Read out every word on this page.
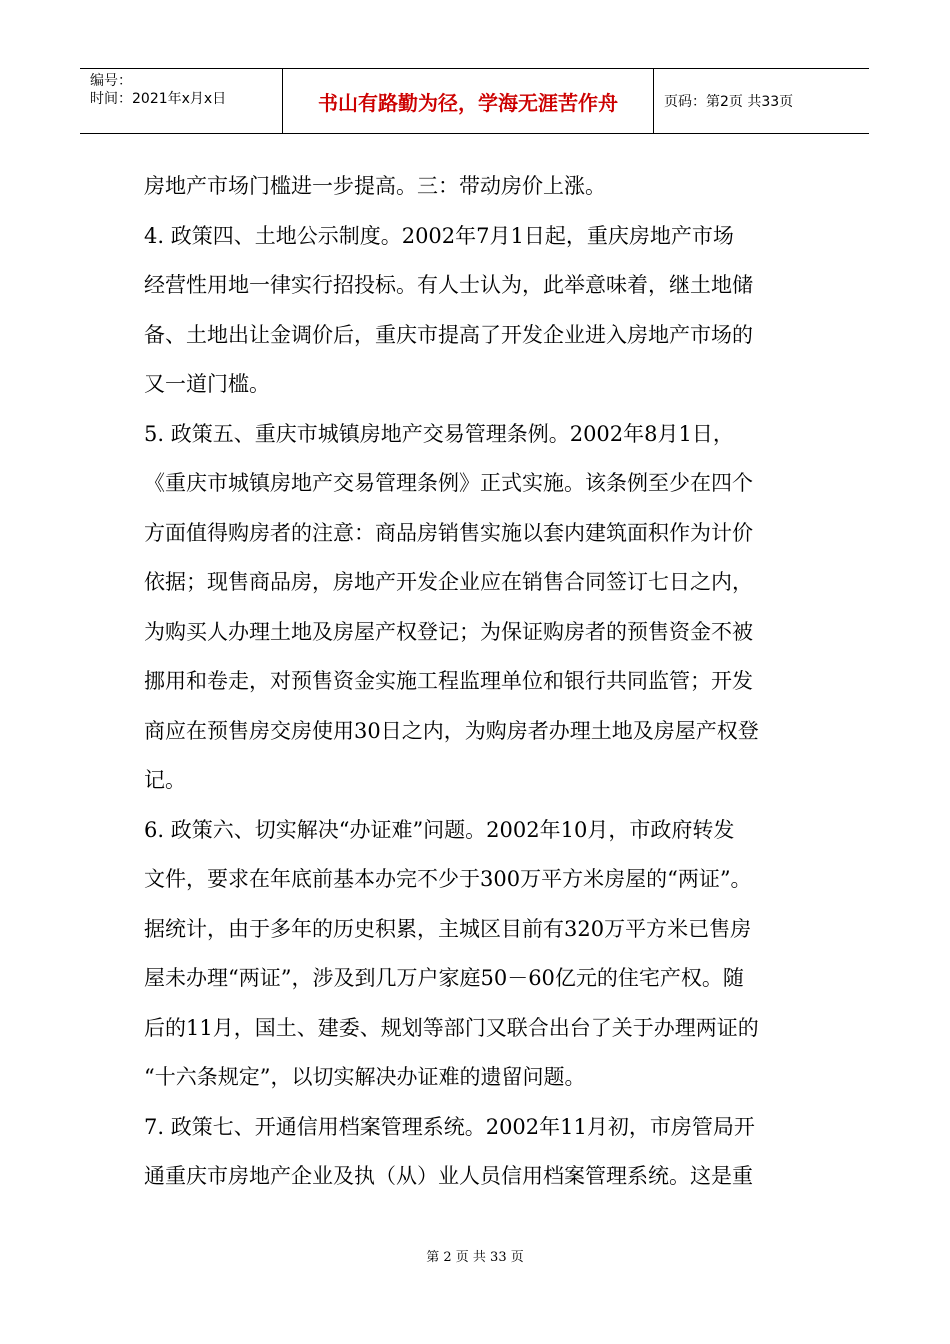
编号：
时间：2021年x月x日	书山有路勤为径，学海无涯苦作舟	页码：第2页 共33页
房地产市场门槛进一步提高。三：带动房价上涨。
4. 政策四、土地公示制度。2002年7月1日起，重庆房地产市场
经营性用地一律实行招投标。有人士认为，此举意味着，继土地储
备、土地出让金调价后，重庆市提高了开发企业进入房地产市场的
又一道门槛。
5. 政策五、重庆市城镇房地产交易管理条例。2002年8月1日，
《重庆市城镇房地产交易管理条例》正式实施。该条例至少在四个
方面值得购房者的注意：商品房销售实施以套内建筑面积作为计价
依据；现售商品房，房地产开发企业应在销售合同签订七日之内，
为购买人办理土地及房屋产权登记；为保证购房者的预售资金不被
挪用和卷走，对预售资金实施工程监理单位和银行共同监管；开发
商应在预售房交房使用30日之内，为购房者办理土地及房屋产权登
记。
6. 政策六、切实解决“办证难”问题。2002年10月，市政府转发
文件，要求在年底前基本办完不少于300万平方米房屋的“两证”。
据统计，由于多年的历史积累，主城区目前有320万平方米已售房
屋未办理“两证”，涉及到几万户家庭50－60亿元的住宅产权。随
后的11月，国土、建委、规划等部门又联合出台了关于办理两证的
“十六条规定”，以切实解决办证难的遗留问题。
7. 政策七、开通信用档案管理系统。2002年11月初，市房管局开
通重庆市房地产企业及执（从）业人员信用档案管理系统。这是重
第 2 页 共 33 页
